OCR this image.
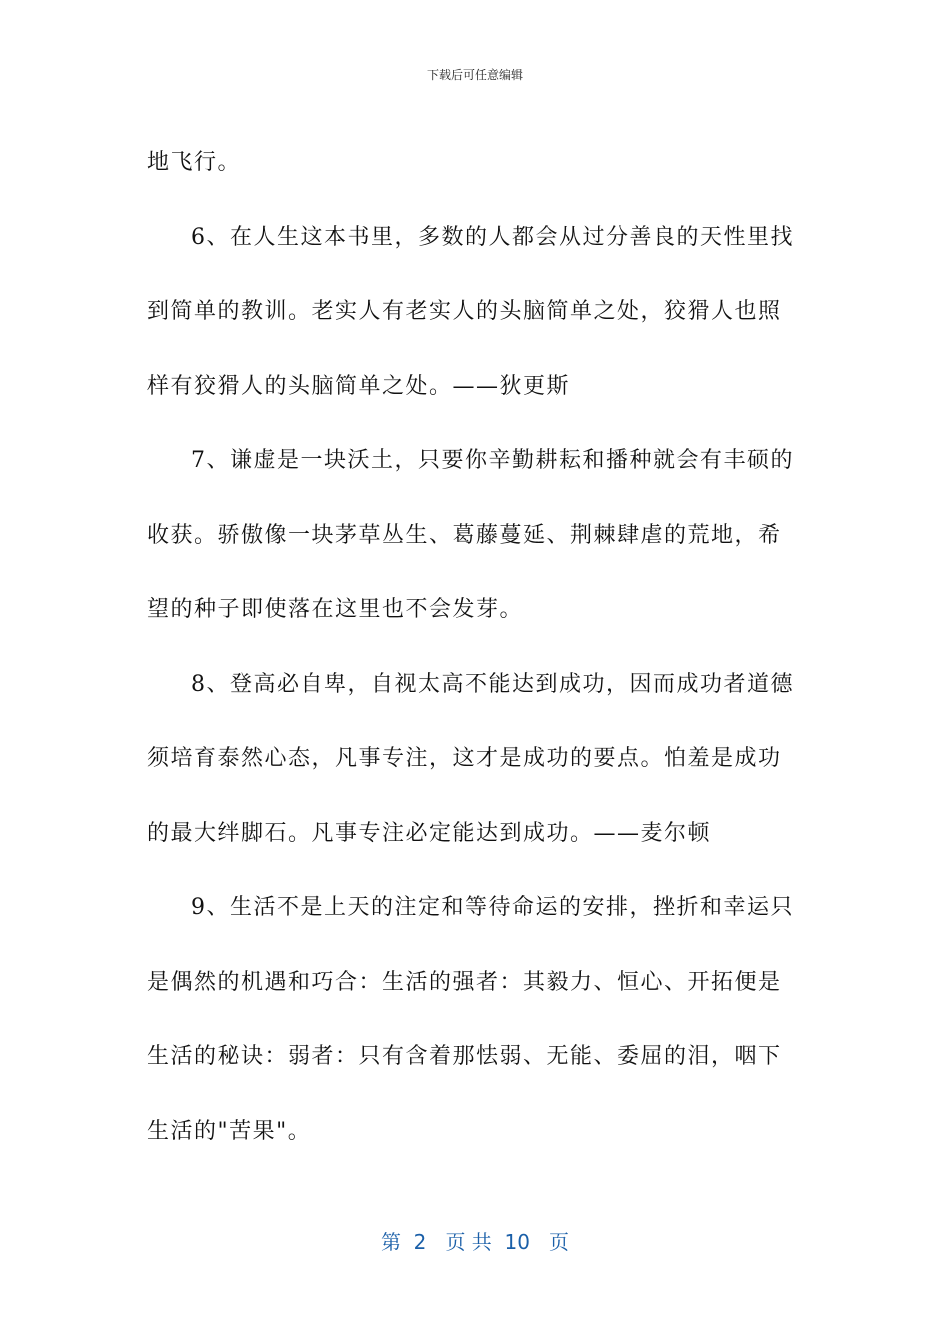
下载后可任意编辑
地飞行。
6、在人生这本书里，多数的人都会从过分善良的天性里找
到简单的教训。老实人有老实人的头脑简单之处，狡猾人也照
样有狡猾人的头脑简单之处。——狄更斯
7、谦虚是一块沃土，只要你辛勤耕耘和播种就会有丰硕的
收获。骄傲像一块茅草丛生、葛藤蔓延、荆棘肆虐的荒地，希
望的种子即使落在这里也不会发芽。
8、登高必自卑，自视太高不能达到成功，因而成功者道德
须培育泰然心态，凡事专注，这才是成功的要点。怕羞是成功
的最大绊脚石。凡事专注必定能达到成功。——麦尔顿
9、生活不是上天的注定和等待命运的安排，挫折和幸运只
是偶然的机遇和巧合：生活的强者：其毅力、恒心、开拓便是
生活的秘诀：弱者：只有含着那怯弱、无能、委屈的泪，咽下
生活的"苦果"。
第  2   页 共  10   页
